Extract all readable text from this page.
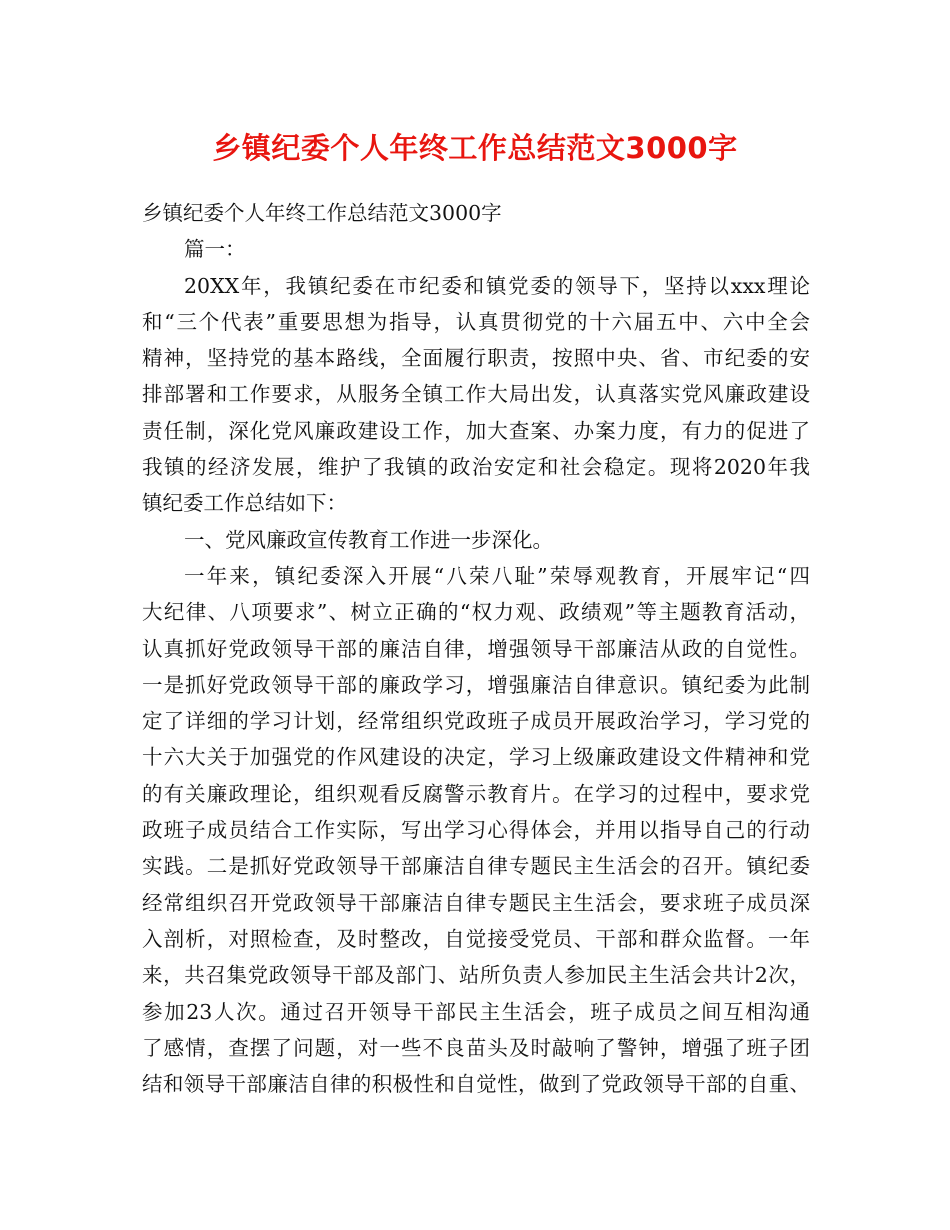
乡镇纪委个人年终工作总结范文3000字
乡镇纪委个人年终工作总结范文3000字
篇一：
20XX年，我镇纪委在市纪委和镇党委的领导下，坚持以xxx理论
和“三个代表”重要思想为指导，认真贯彻党的十六届五中、六中全会
精神，坚持党的基本路线，全面履行职责，按照中央、省、市纪委的安
排部署和工作要求，从服务全镇工作大局出发，认真落实党风廉政建设
责任制，深化党风廉政建设工作，加大查案、办案力度，有力的促进了
我镇的经济发展，维护了我镇的政治安定和社会稳定。现将2020年我
镇纪委工作总结如下：
一、党风廉政宣传教育工作进一步深化。
一年来，镇纪委深入开展“八荣八耻”荣辱观教育，开展牢记“四
大纪律、八项要求”、树立正确的“权力观、政绩观”等主题教育活动，
认真抓好党政领导干部的廉洁自律，增强领导干部廉洁从政的自觉性。
一是抓好党政领导干部的廉政学习，增强廉洁自律意识。镇纪委为此制
定了详细的学习计划，经常组织党政班子成员开展政治学习，学习党的
十六大关于加强党的作风建设的决定，学习上级廉政建设文件精神和党
的有关廉政理论，组织观看反腐警示教育片。在学习的过程中，要求党
政班子成员结合工作实际，写出学习心得体会，并用以指导自己的行动
实践。二是抓好党政领导干部廉洁自律专题民主生活会的召开。镇纪委
经常组织召开党政领导干部廉洁自律专题民主生活会，要求班子成员深
入剖析，对照检查，及时整改，自觉接受党员、干部和群众监督。一年
来，共召集党政领导干部及部门、站所负责人参加民主生活会共计2次，
参加23人次。通过召开领导干部民主生活会，班子成员之间互相沟通
了感情，查摆了问题，对一些不良苗头及时敲响了警钟，增强了班子团
结和领导干部廉洁自律的积极性和自觉性，做到了党政领导干部的自重、
